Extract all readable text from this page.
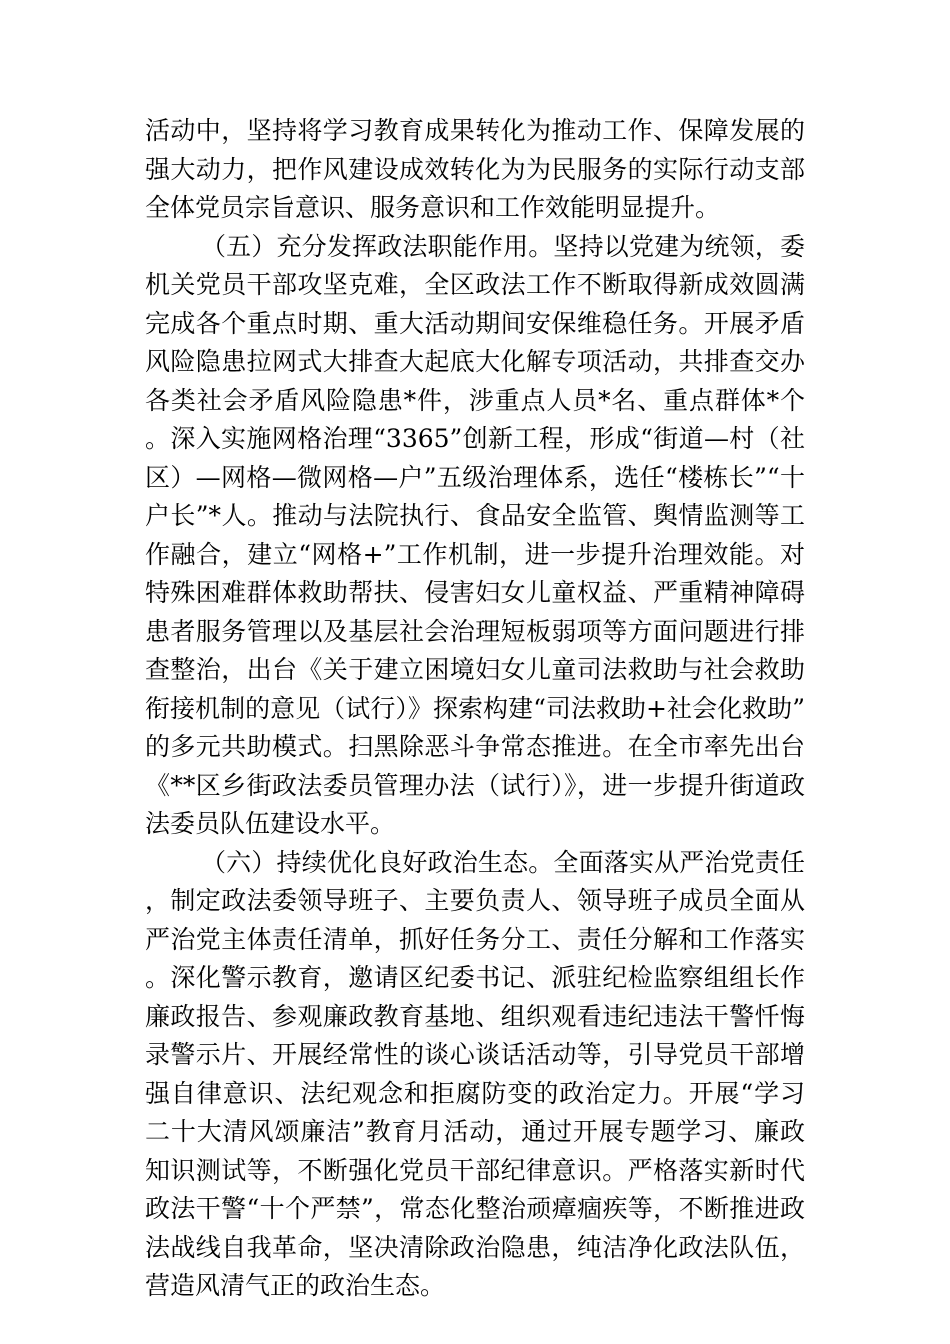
活动中，坚持将学习教育成果转化为推动工作、保障发展的强大动力，把作风建设成效转化为为民服务的实际行动支部全体党员宗旨意识、服务意识和工作效能明显提升。

（五）充分发挥政法职能作用。坚持以党建为统领，委机关党员干部攻坚克难，全区政法工作不断取得新成效圆满完成各个重点时期、重大活动期间安保维稳任务。开展矛盾风险隐患拉网式大排查大起底大化解专项活动，共排查交办各类社会矛盾风险隐患*件，涉重点人员*名、重点群体*个。深入实施网格治理“3365”创新工程，形成“街道—村（社区）—网格—微网格—户”五级治理体系，选任“楼栋长”“十户长”*人。推动与法院执行、食品安全监管、舆情监测等工作融合，建立“网格+”工作机制，进一步提升治理效能。对特殊困难群体救助帮扶、侵害妇女儿童权益、严重精神障碍患者服务管理以及基层社会治理短板弱项等方面问题进行排查整治，出台《关于建立困境妇女儿童司法救助与社会救助衔接机制的意见（试行）》探索构建“司法救助+社会化救助”的多元共助模式。扫黑除恶斗争常态推进。在全市率先出台《**区乡街政法委员管理办法（试行）》，进一步提升街道政法委员队伍建设水平。

（六）持续优化良好政治生态。全面落实从严治党责任，制定政法委领导班子、主要负责人、领导班子成员全面从严治党主体责任清单，抓好任务分工、责任分解和工作落实。深化警示教育，邀请区纪委书记、派驻纪检监察组组长作廉政报告、参观廉政教育基地、组织观看违纪违法干警忏悔录警示片、开展经常性的谈心谈话活动等，引导党员干部增强自律意识、法纪观念和拒腐防变的政治定力。开展“学习二十大清风颂廉洁”教育月活动，通过开展专题学习、廉政知识测试等，不断强化党员干部纪律意识。严格落实新时代政法干警“十个严禁”，常态化整治顽瘴痼疾等，不断推进政法战线自我革命，坚决清除政治隐患，纯洁净化政法队伍，营造风清气正的政治生态。
